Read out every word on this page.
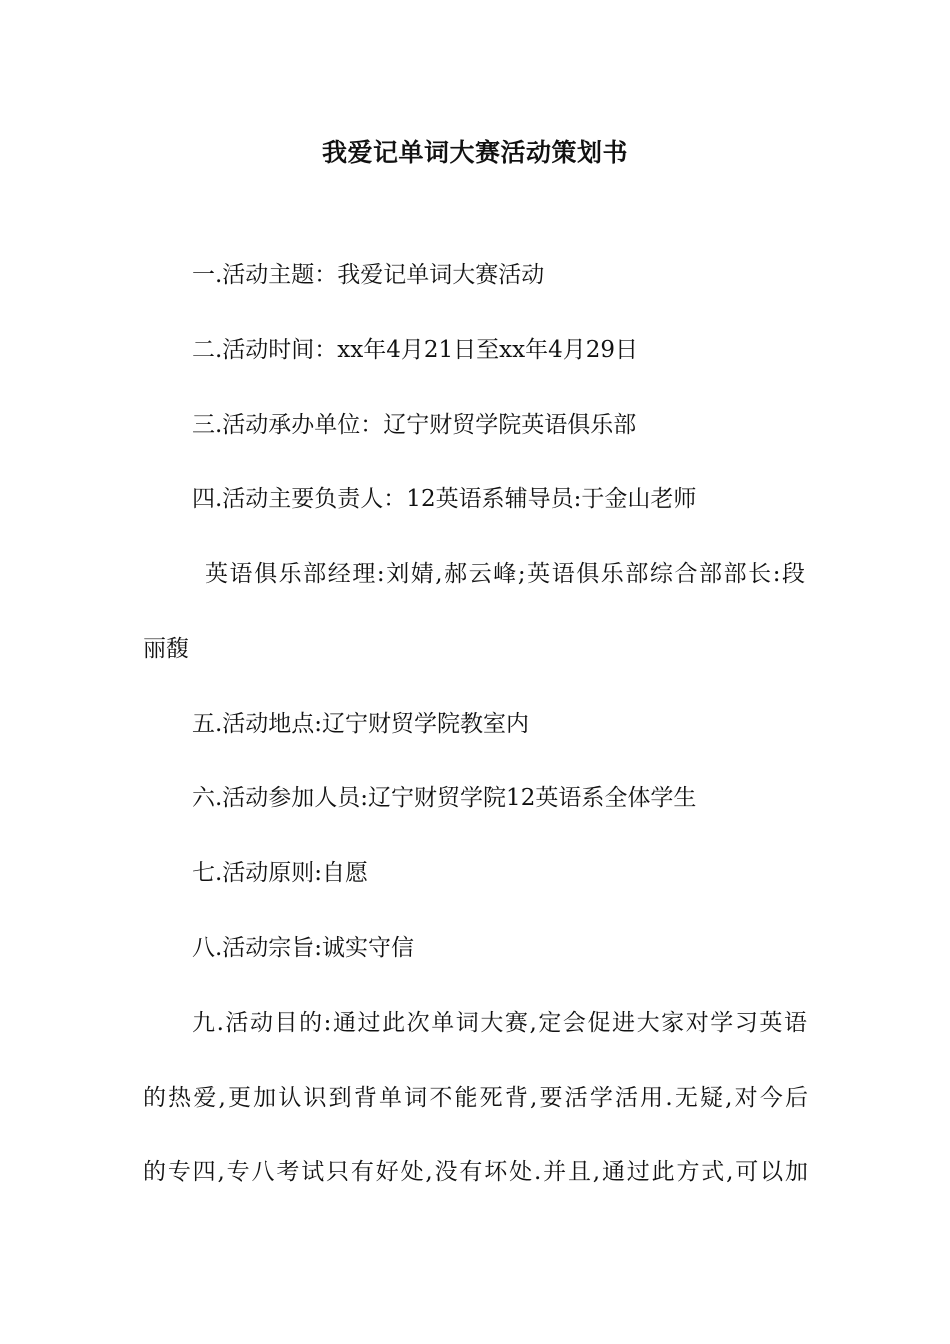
我爱记单词大赛活动策划书
一.活动主题：我爱记单词大赛活动
二.活动时间：xx年4月21日至xx年4月29日
三.活动承办单位：辽宁财贸学院英语俱乐部
四.活动主要负责人：12英语系辅导员:于金山老师
英语俱乐部经理:刘婧,郝云峰;英语俱乐部综合部部长:段
丽馥
五.活动地点:辽宁财贸学院教室内
六.活动参加人员:辽宁财贸学院12英语系全体学生
七.活动原则:自愿
八.活动宗旨:诚实守信
九.活动目的:通过此次单词大赛,定会促进大家对学习英语
的热爱,更加认识到背单词不能死背,要活学活用.无疑,对今后
的专四,专八考试只有好处,没有坏处.并且,通过此方式,可以加
